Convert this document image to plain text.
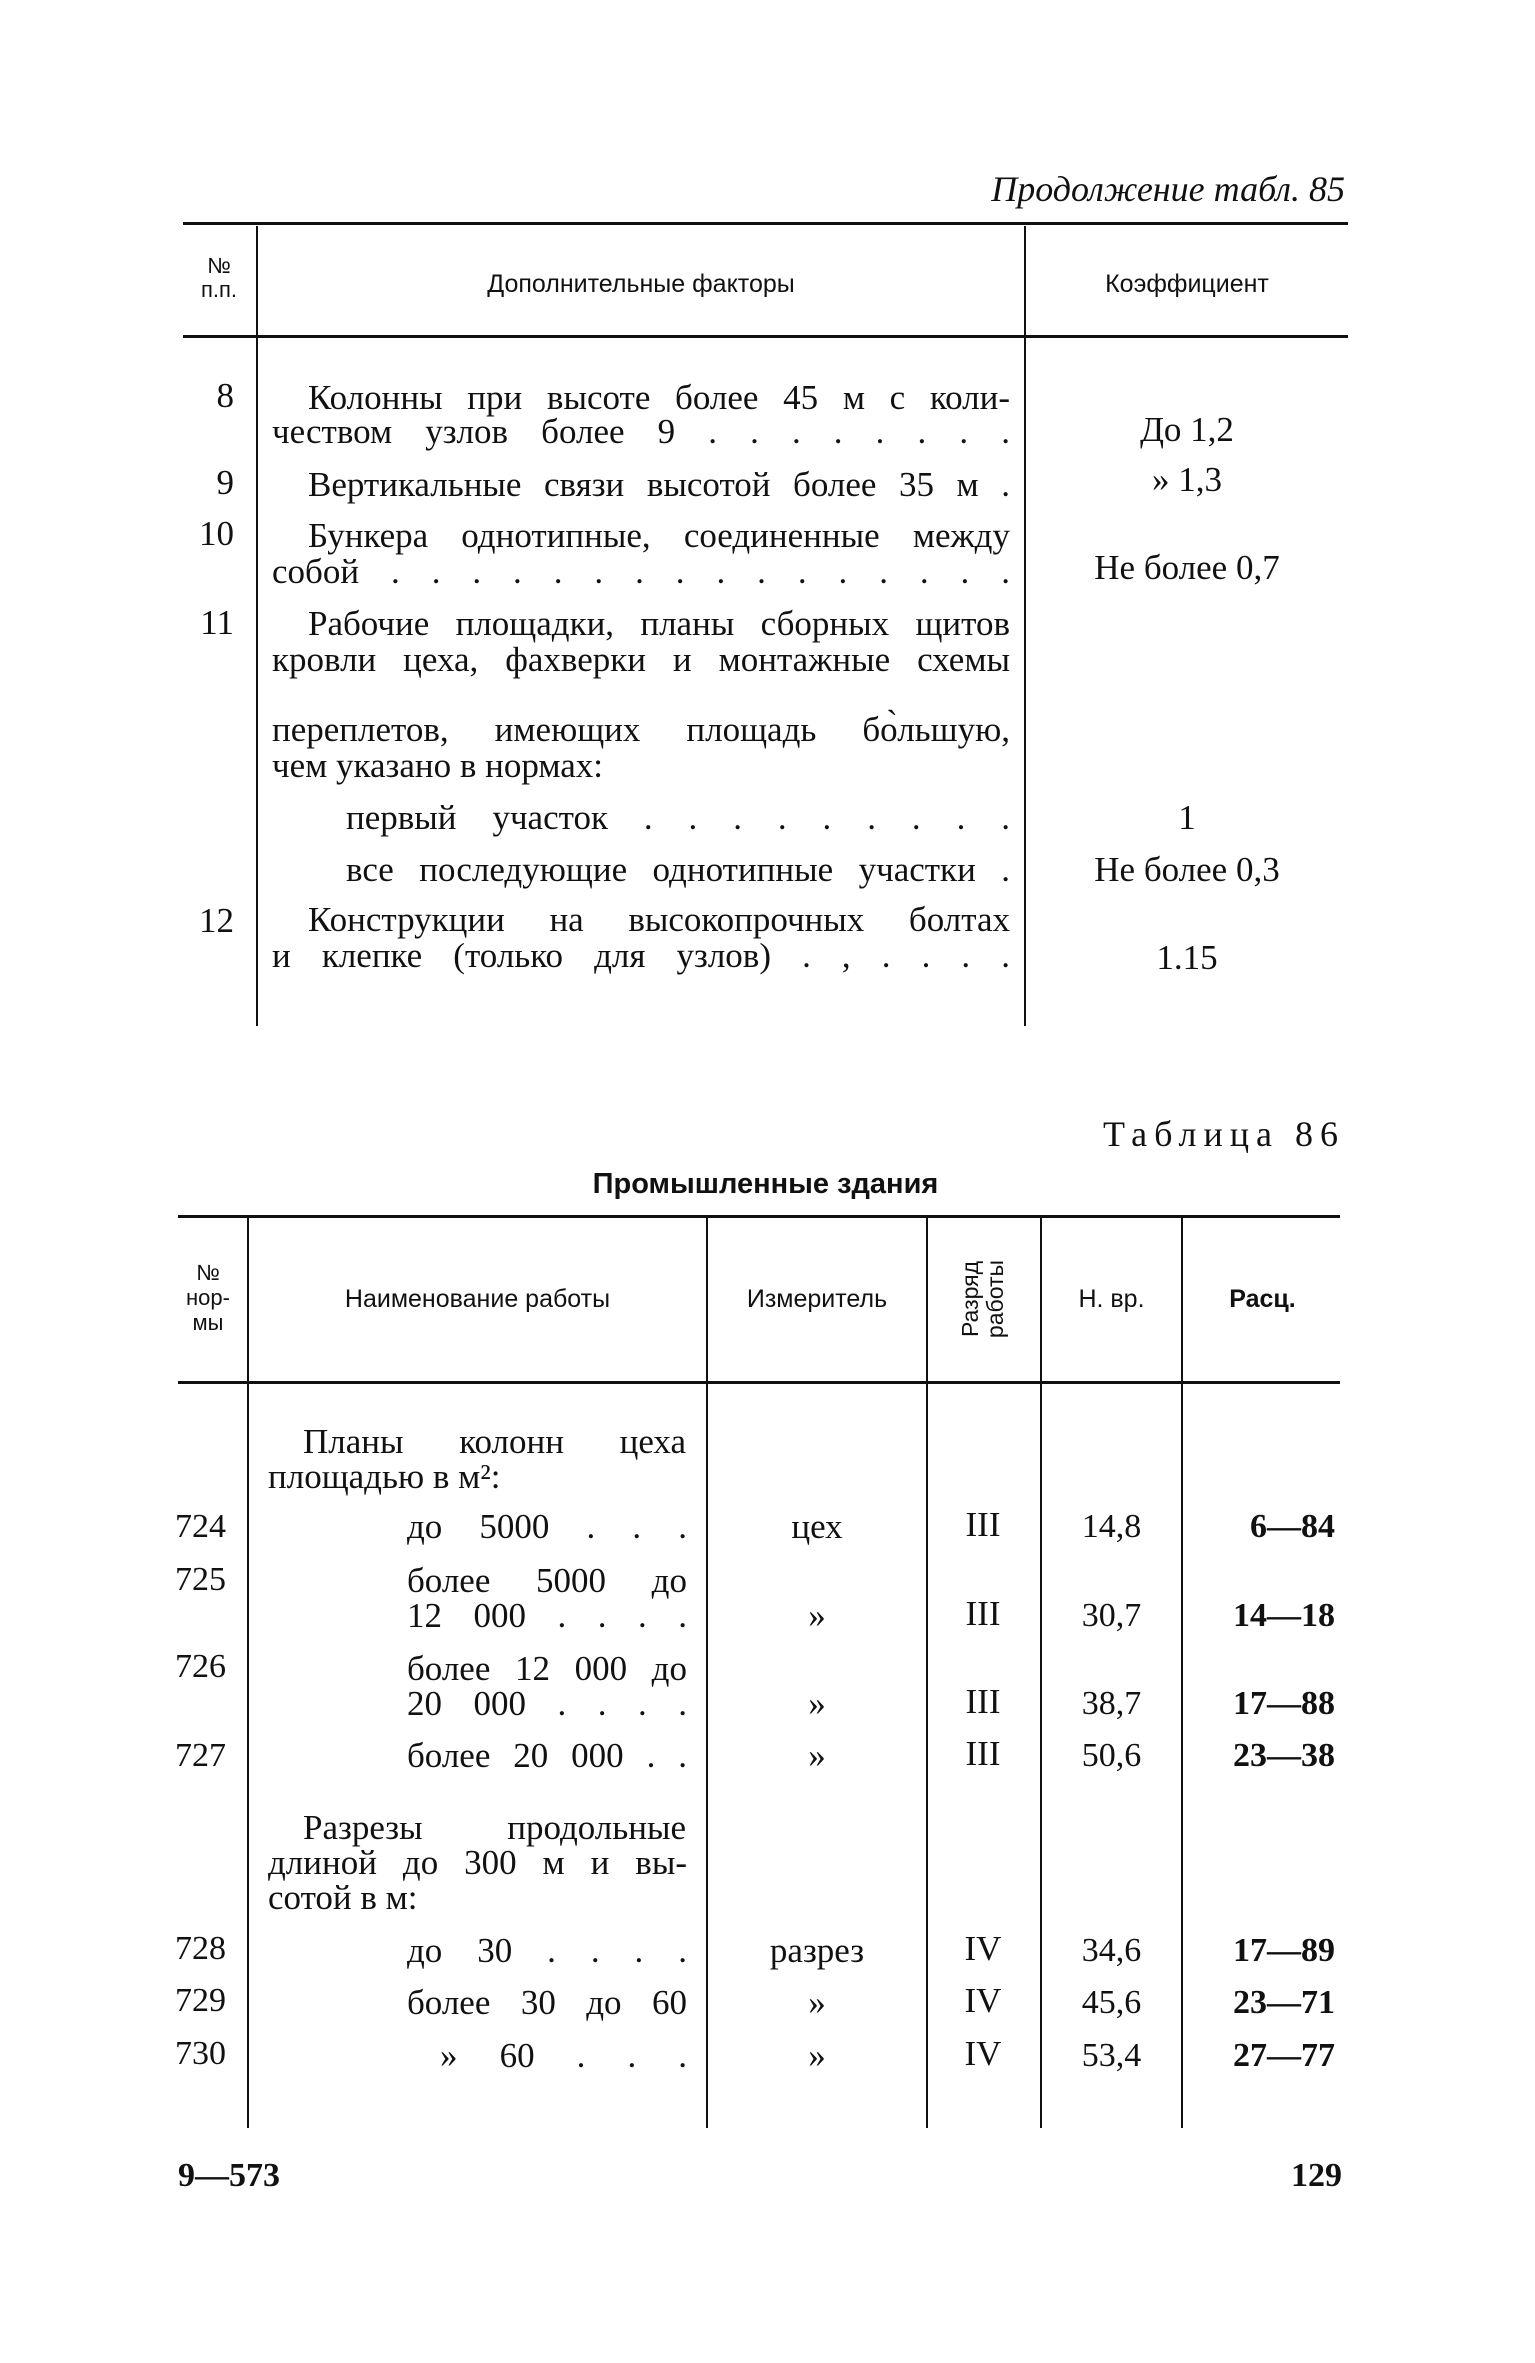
Продолжение табл. 85
№
п.п.	Дополнительные факторы	Коэффициент
8 Колонны при высоте более 45 м с коли-
чеством узлов более 9 . . . . . . . .	До 1,2
9 Вертикальные связи высотой более 35 м .	» 1,3
10 Бункера однотипные, соединенные между
собой . . . . . . . . . . . . . . . .	Не более 0,7
11 Рабочие площадки, планы сборных щитов
кровли цеха, фахверки и монтажные схемы
переплетов, имеющих площадь бо̀льшую,
чем указано в нормах:
первый участок . . . . . . . . .	1
все последующие однотипные участки .	Не более 0,3
12 Конструкции на высокопрочных болтах
и клепке (только для узлов) . , . . . .	1.15
Таблица 86
Промышленные здания
№
нор-
мы
Наименование работы	Измеритель	Разряд
работы	Н. вр.	Расц.
Планы колонн цеха
площадью в м²:
724	до 5000 . . .	цех	III	14,8	6—84
725	более 5000 до
12 000 . . . .	»	III	30,7	14—18
726	более 12 000 до
20 000 . . . .	»	III	38,7	17—88
727	более 20 000 . .	»	III	50,6	23—38
Разрезы продольные
длиной до 300 м и вы-
сотой в м:
728	до 30 . . . .	разрез	IV	34,6	17—89
729	более 30 до 60	»	IV	45,6	23—71
730	» 60 . . .	»	IV	53,4	27—77
9—573	129
